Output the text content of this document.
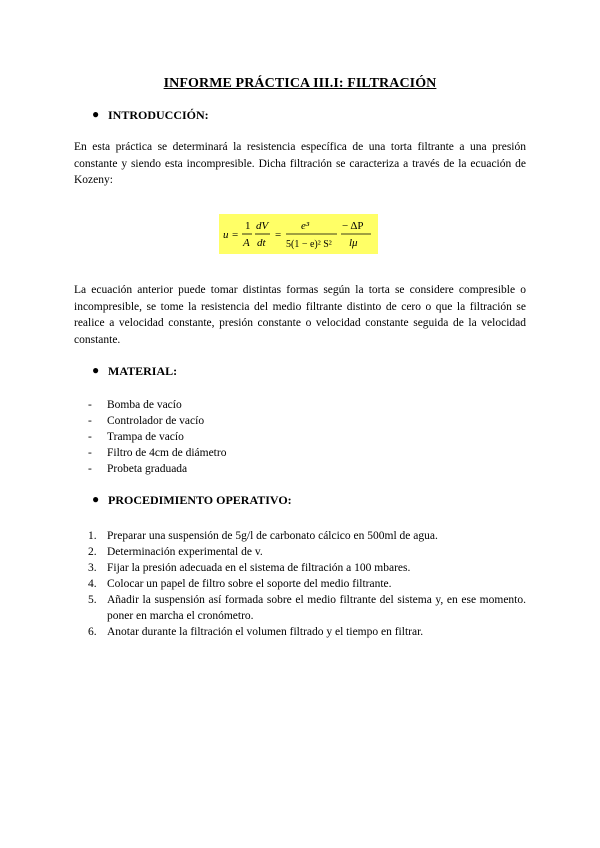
INFORME PRÁCTICA III.I: FILTRACIÓN
● INTRODUCCIÓN:
En esta práctica se determinará la resistencia específica de una torta filtrante a una presión constante y siendo esta incompresible. Dicha filtración se caracteriza a través de la ecuación de Kozeny:
u =
1
A
dV
dt
=
e³
5(1 − e)² S²
− ΔP
lμ
La ecuación anterior puede tomar distintas formas según la torta se considere compresible o incompresible, se tome la resistencia del medio filtrante distinto de cero o que la filtración se realice a velocidad constante, presión constante o velocidad constante seguida de la velocidad constante.
● MATERIAL:
- Bomba de vacío
- Controlador de vacío
- Trampa de vacío
- Filtro de 4cm de diámetro
- Probeta graduada
● PROCEDIMIENTO OPERATIVO:
1. Preparar una suspensión de 5g/l de carbonato cálcico en 500ml de agua.
2. Determinación experimental de v.
3. Fijar la presión adecuada en el sistema de filtración a 100 mbares.
4. Colocar un papel de filtro sobre el soporte del medio filtrante.
5. Añadir la suspensión así formada sobre el medio filtrante del sistema y, en ese momento. poner en marcha el cronómetro.
6. Anotar durante la filtración el volumen filtrado y el tiempo en filtrar.
